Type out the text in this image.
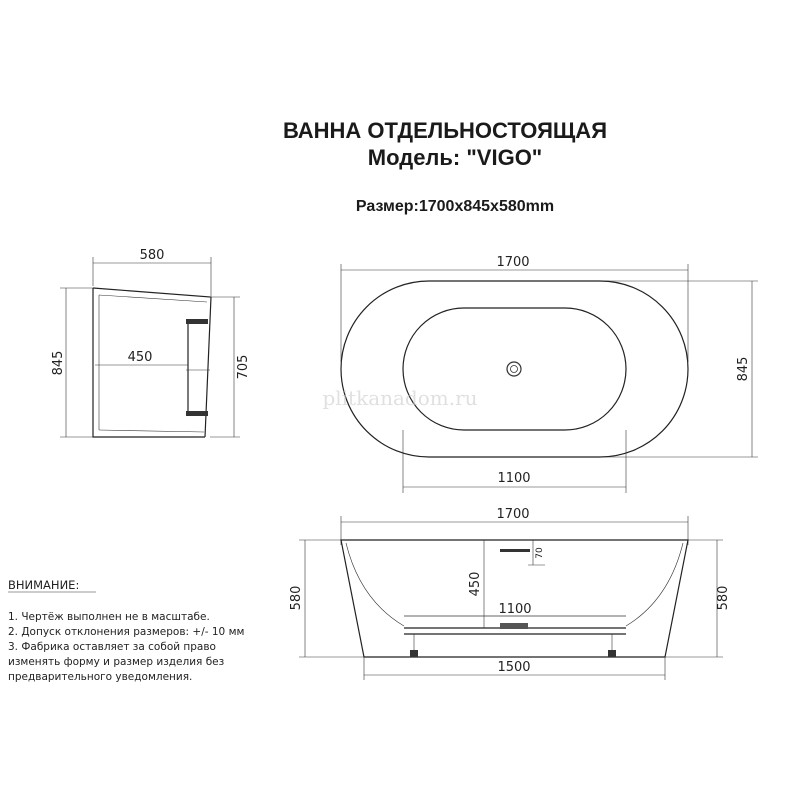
ВАННА ОТДЕЛЬНОСТОЯЩАЯ
Модель: "VIGO"
Размер:1700x845x580mm
580
845	705
450
1700
845
1100
1700
580	580
450
70
1100
1500
ВНИМАНИЕ:
1. Чертёж выполнен не в масштабе.
2. Допуск отклонения размеров: +/- 10 мм
3. Фабрика оставляет за собой право
изменять форму и размер изделия без
предварительного уведомления.
plitkanadom.ru
